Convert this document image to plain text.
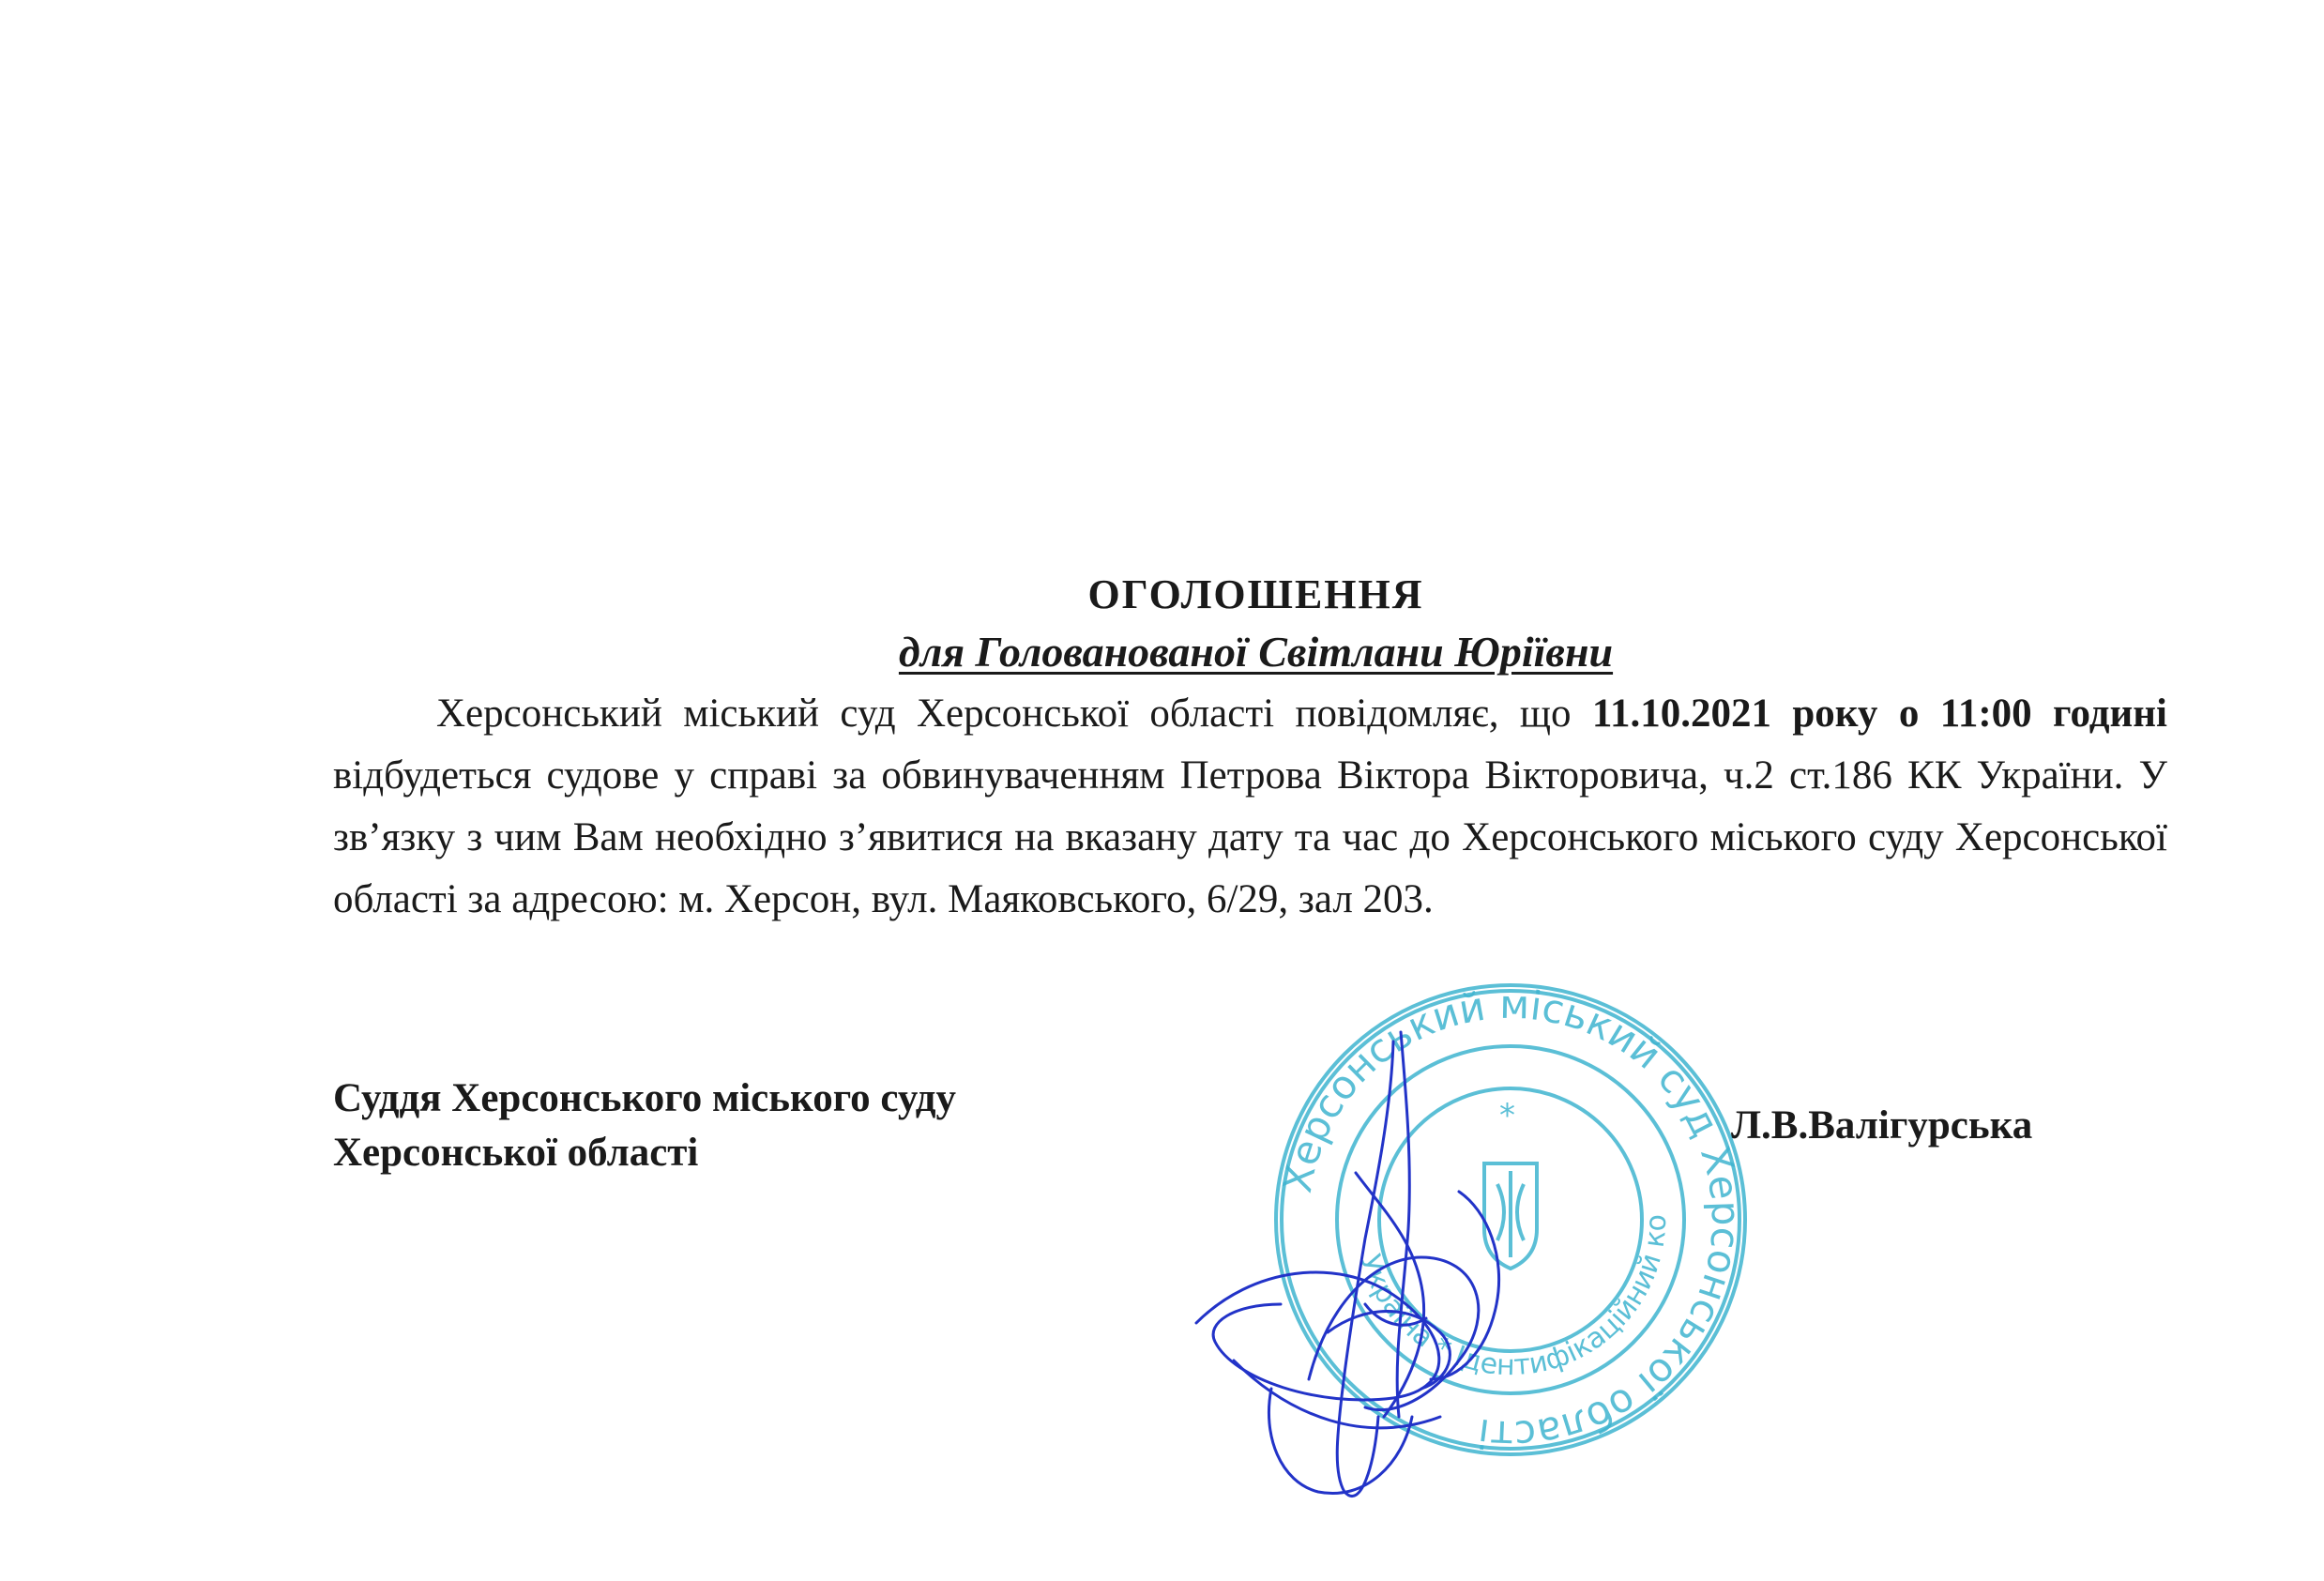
ОГОЛОШЕННЯ
для Голованованої Світлани Юріївни

Херсонський міський суд Херсонської області повідомляє, що 11.10.2021 року о 11:00 годині відбудеться судове у справі за обвинуваченням Петрова Віктора Вікторовича, ч.2 ст.186 КК України. У зв’язку з чим Вам необхідно з’явитися на вказану дату та час до Херсонського міського суду Херсонської області за адресою: м. Херсон, вул. Маяковського, 6/29, зал 203.

Суддя Херсонського міського суду
Херсонської області
Л.В.Валігурська
Херсонський міський суд Херсонської області
Україна * Ідентифікаційний ко
*
